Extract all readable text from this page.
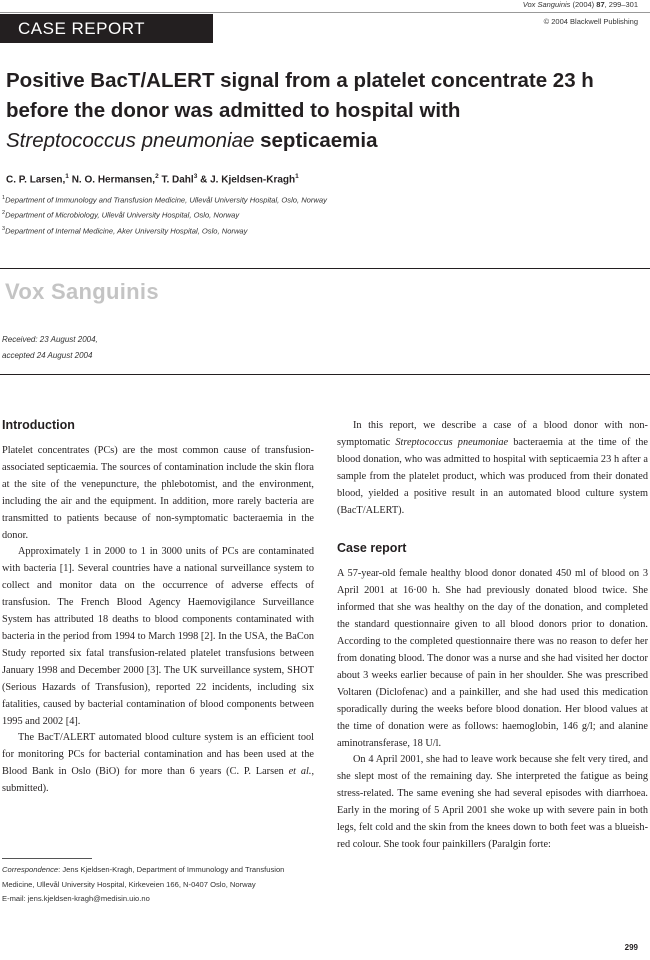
CASE REPORT
Vox Sanguinis (2004) 87, 299–301
© 2004 Blackwell Publishing
Positive BacT/ALERT signal from a platelet concentrate 23 h
before the donor was admitted to hospital with
Streptococcus pneumoniae septicaemia
C. P. Larsen,$^1$ N. O. Hermansen,$^2$ T. Dahl$^3$ & J. Kjeldsen-Kragh$^1$
$^1$Department of Immunology and Transfusion Medicine, Ullevål University Hospital, Oslo, Norway
$^2$Department of Microbiology, Ullevål University Hospital, Oslo, Norway
$^3$Department of Internal Medicine, Aker University Hospital, Oslo, Norway
Vox Sanguinis
Received: 23 August 2004,
accepted 24 August 2004
Introduction

Platelet concentrates (PCs) are the most common cause of transfusion-associated septicaemia. The sources of contamination include the skin flora at the site of the venepuncture, the phlebotomist, and the environment, including the air and the equipment. In addition, more rarely bacteria are transmitted to patients because of non-symptomatic bacteraemia in the donor.

Approximately 1 in 2000 to 1 in 3000 units of PCs are contaminated with bacteria [1]. Several countries have a national surveillance system to collect and monitor data on the occurrence of adverse effects of transfusion. The French Blood Agency Haemovigilance Surveillance System has attributed 18 deaths to blood components contaminated with bacteria in the period from 1994 to March 1998 [2]. In the USA, the BaCon Study reported six fatal transfusion-related platelet transfusions between January 1998 and December 2000 [3]. The UK surveillance system, SHOT (Serious Hazards of Transfusion), reported 22 incidents, including six fatalities, caused by bacterial contamination of blood components between 1995 and 2002 [4].

The BacT/ALERT automated blood culture system is an efficient tool for monitoring PCs for bacterial contamination and has been used at the Blood Bank in Oslo (BiO) for more than 6 years (C. P. Larsen et al., submitted).

Correspondence: Jens Kjeldsen-Kragh, Department of Immunology and Transfusion Medicine, Ullevål University Hospital, Kirkeveien 166, N-0407 Oslo, Norway
E-mail: jens.kjeldsen-kragh@medisin.uio.no

In this report, we describe a case of a blood donor with non-symptomatic Streptococcus pneumoniae bacteraemia at the time of the blood donation, who was admitted to hospital with septicaemia 23 h after a sample from the platelet product, which was produced from their donated blood, yielded a positive result in an automated blood culture system (BacT/ALERT).

Case report

A 57-year-old female healthy blood donor donated 450 ml of blood on 3 April 2001 at 16·00 h. She had previously donated blood twice. She informed that she was healthy on the day of the donation, and completed the standard questionnaire given to all blood donors prior to donation. According to the completed questionnaire there was no reason to defer her from donating blood. The donor was a nurse and she had visited her doctor about 3 weeks earlier because of pain in her shoulder. She was prescribed Voltaren (Diclofenac) and a painkiller, and she had used this medication sporadically during the weeks before blood donation. Her blood values at the time of donation were as follows: haemoglobin, 146 g/l; and alanine aminotransferase, 18 U/l.

On 4 April 2001, she had to leave work because she felt very tired, and she slept most of the remaining day. She interpreted the fatigue as being stress-related. The same evening she had several episodes with diarrhoea. Early in the moring of 5 April 2001 she woke up with severe pain in both legs, felt cold and the skin from the knees down to both feet was a blueish-red colour. She took four painkillers (Paralgin forte:

299
